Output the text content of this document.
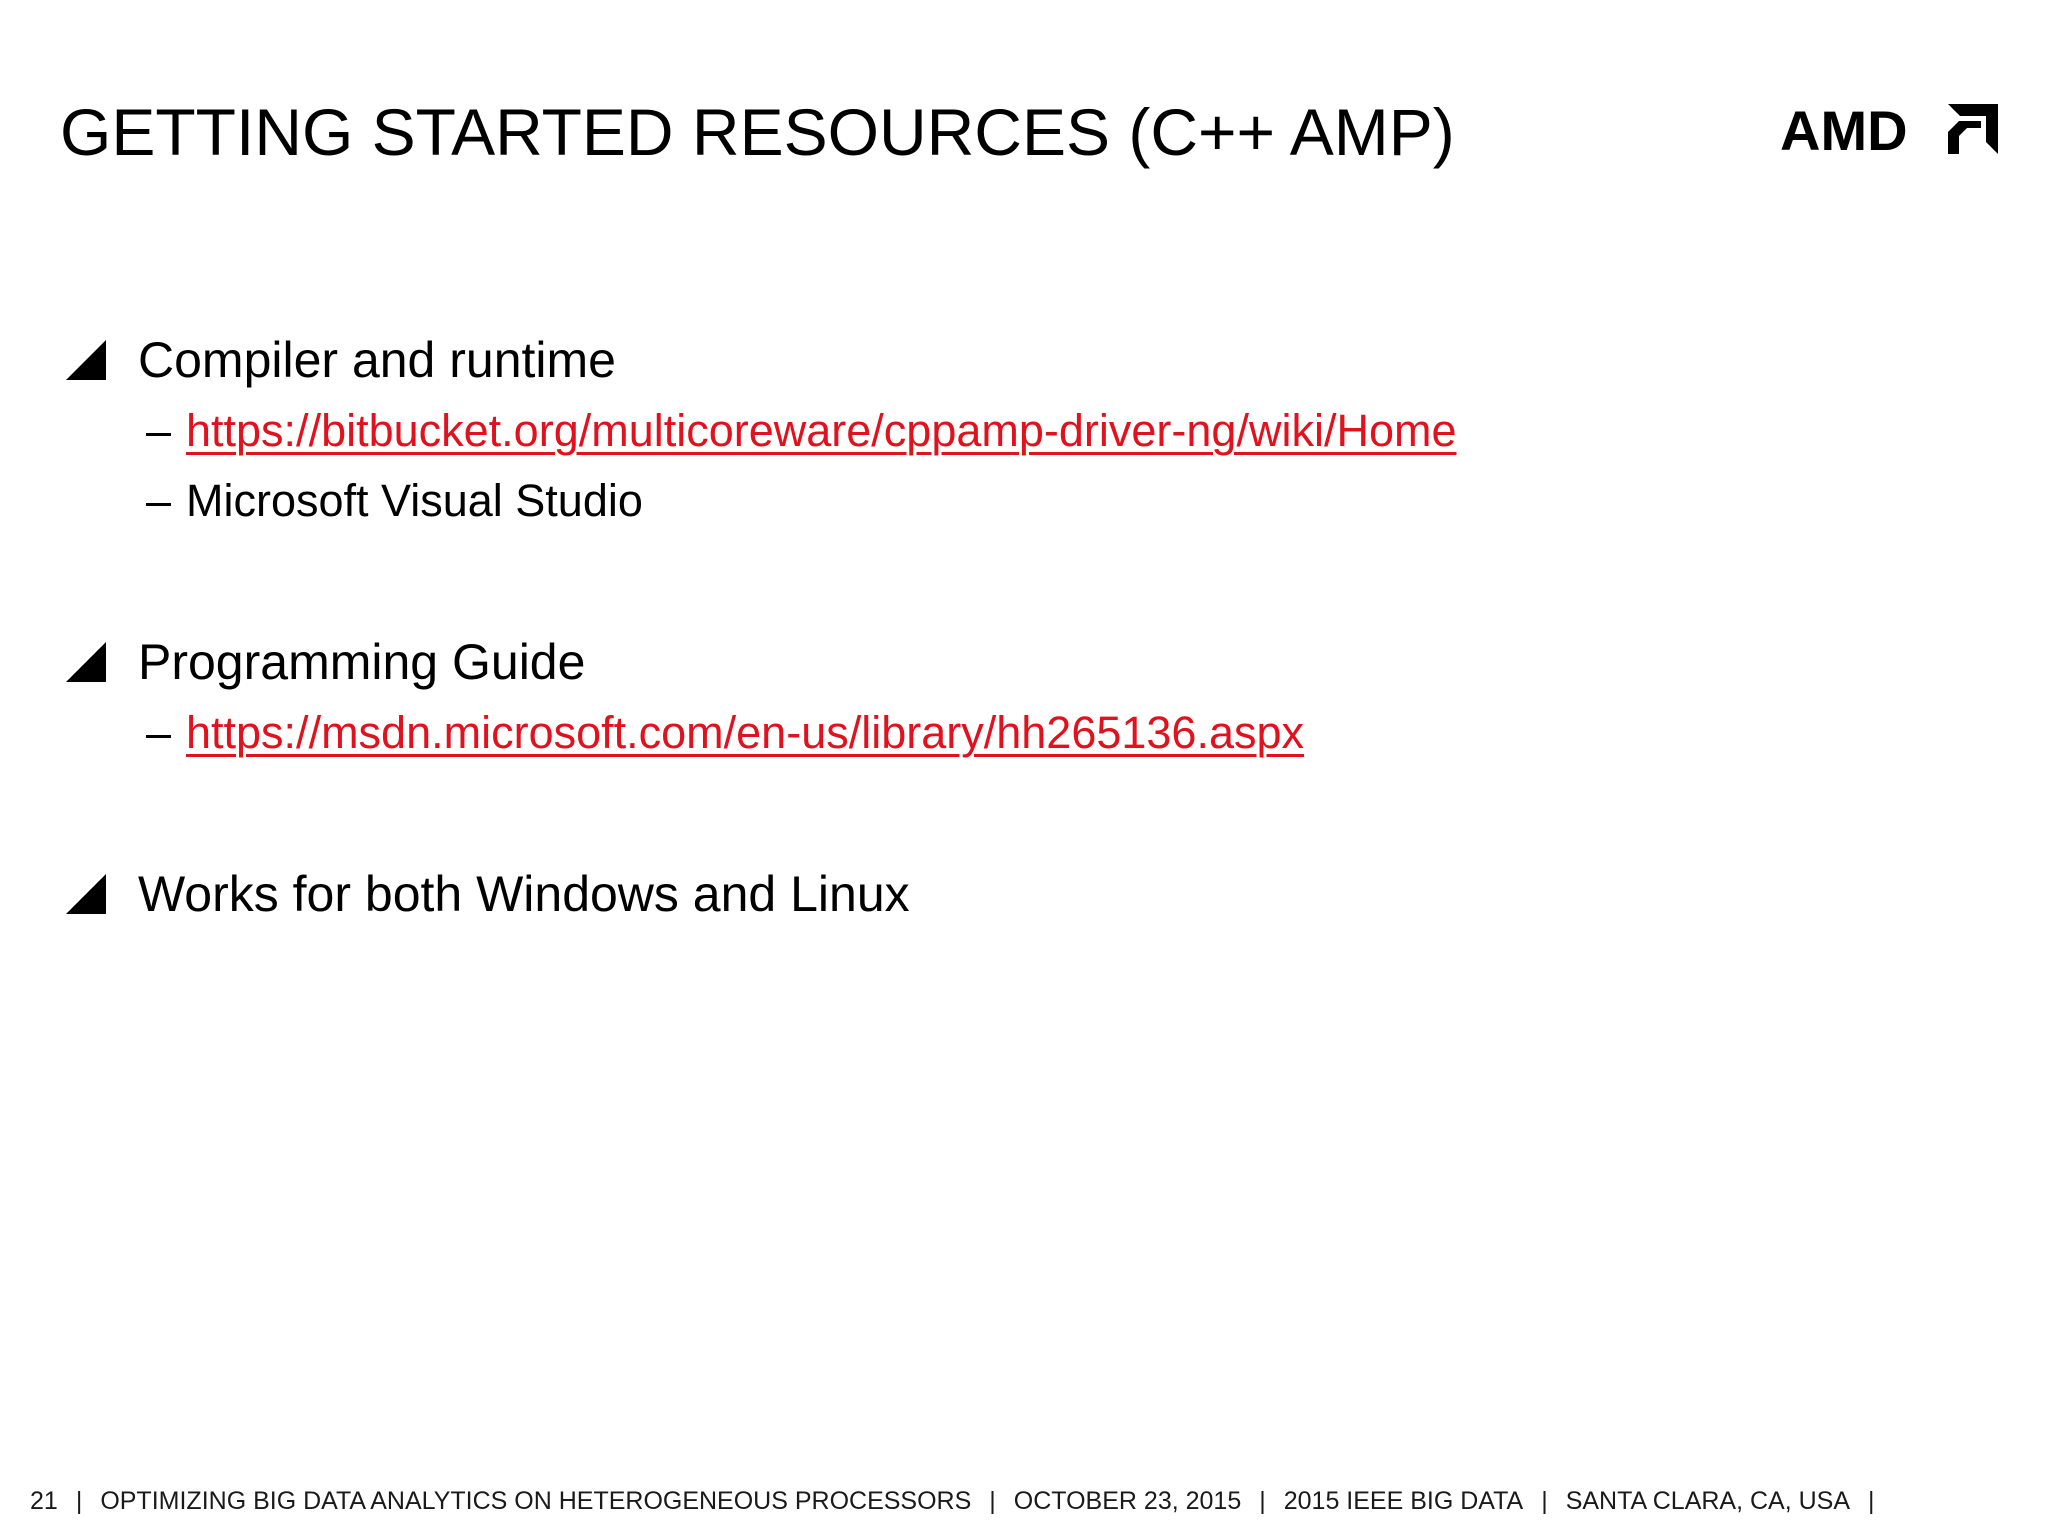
GETTING STARTED RESOURCES (C++ AMP)	AMD
Compiler and runtime
– https://bitbucket.org/multicoreware/cppamp-driver-ng/wiki/Home
– Microsoft Visual Studio
Programming Guide
– https://msdn.microsoft.com/en-us/library/hh265136.aspx
Works for both Windows and Linux
21 | OPTIMIZING BIG DATA ANALYTICS ON HETEROGENEOUS PROCESSORS | OCTOBER 23, 2015 | 2015 IEEE BIG DATA | SANTA CLARA, CA, USA |
